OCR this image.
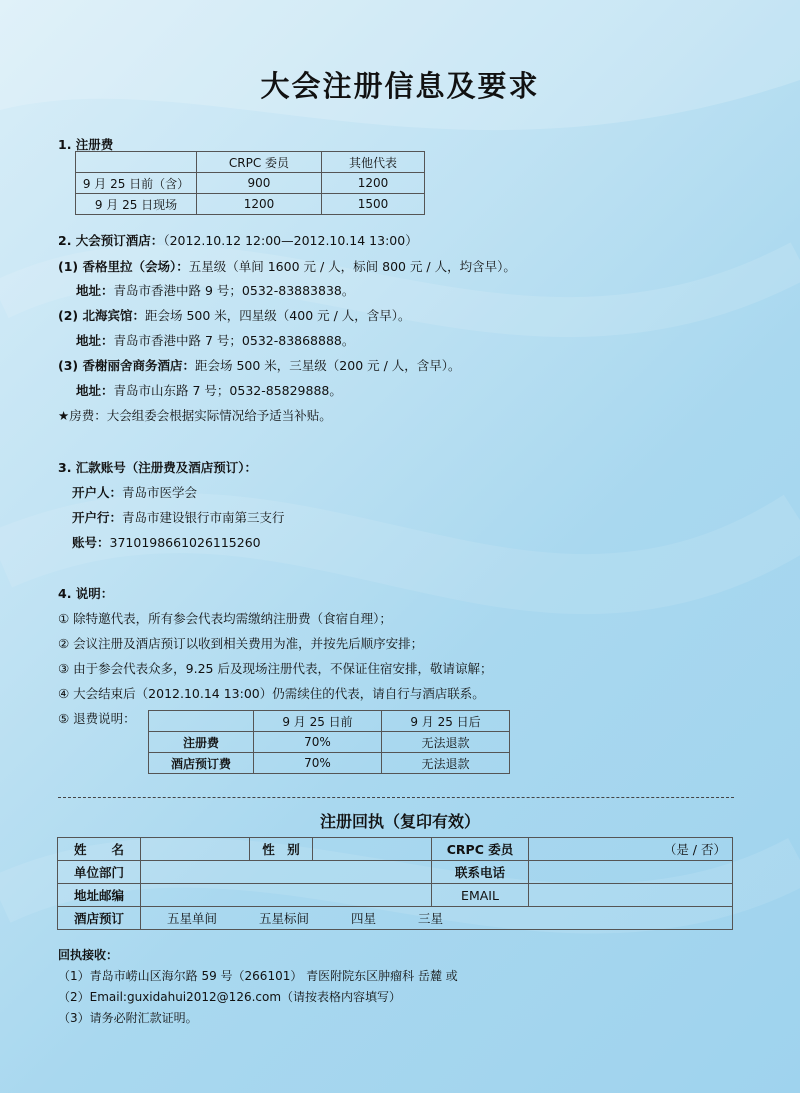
大会注册信息及要求
1. 注册费
	CRPC 委员	其他代表
9 月 25 日前（含）	900	1200
9 月 25 日现场	1200	1500
2. 大会预订酒店：（2012.10.12 12:00—2012.10.14 13:00）
(1) 香格里拉（会场）：五星级（单间 1600 元 / 人，标间 800 元 / 人，均含早）。
地址：青岛市香港中路 9 号；0532-83883838。
(2) 北海宾馆：距会场 500 米，四星级（400 元 / 人，含早）。
地址：青岛市香港中路 7 号；0532-83868888。
(3) 香榭丽舍商务酒店：距会场 500 米，三星级（200 元 / 人，含早）。
地址：青岛市山东路 7 号；0532-85829888。
★房费：大会组委会根据实际情况给予适当补贴。
3. 汇款账号（注册费及酒店预订）：
开户人：青岛市医学会
开户行：青岛市建设银行市南第三支行
账号：3710198661026115260
4. 说明：
① 除特邀代表，所有参会代表均需缴纳注册费（食宿自理）；
② 会议注册及酒店预订以收到相关费用为准，并按先后顺序安排；
③ 由于参会代表众多，9.25 后及现场注册代表，不保证住宿安排，敬请谅解；
④ 大会结束后（2012.10.14 13:00）仍需续住的代表，请自行与酒店联系。
⑤ 退费说明：
		9 月 25 日前	9 月 25 日后
注册费	70%	无法退款
酒店预订费	70%	无法退款
注册回执（复印有效）
姓　　名		性　别		CRPC 委员	（是 / 否）
单位部门				联系电话	
地址邮编				EMAIL	
酒店预订	五星单间 五星标间 四星 三星				
回执接收：
（1）青岛市崂山区海尔路 59 号（266101） 青医附院东区肿瘤科 岳麓 或
（2）Email:guxidahui2012@126.com（请按表格内容填写）
（3）请务必附汇款证明。
